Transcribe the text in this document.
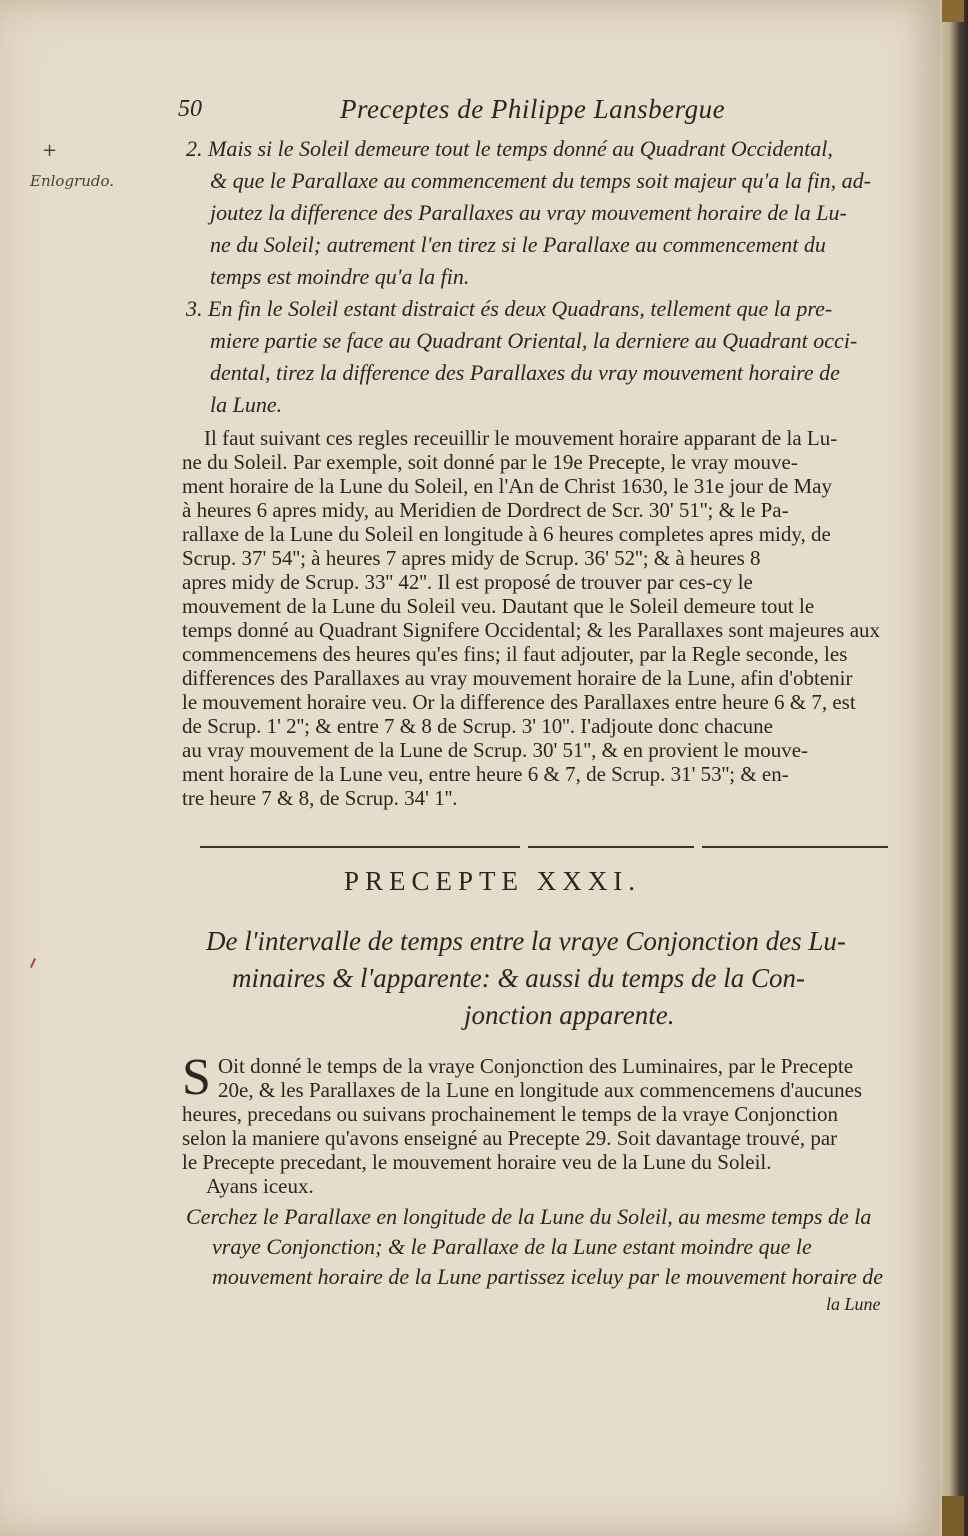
+
Enlogrudo.
50	Preceptes de Philippe Lansbergue
2. Mais si le Soleil demeure tout le temps donné au Quadrant Occidental,
& que le Parallaxe au commencement du temps soit majeur qu'a la fin, ad-
joutez la difference des Parallaxes au vray mouvement horaire de la Lu-
ne du Soleil; autrement l'en tirez si le Parallaxe au commencement du
temps est moindre qu'a la fin.
3. En fin le Soleil estant distraict és deux Quadrans, tellement que la pre-
miere partie se face au Quadrant Oriental, la derniere au Quadrant occi-
dental, tirez la difference des Parallaxes du vray mouvement horaire de
la Lune.
Il faut suivant ces regles receuillir le mouvement horaire apparant de la Lu-
ne du Soleil. Par exemple, soit donné par le 19e Precepte, le vray mouve-
ment horaire de la Lune du Soleil, en l'An de Christ 1630, le 31e jour de May
à heures 6 apres midy, au Meridien de Dordrect de Scr. 30' 51''; & le Pa-
rallaxe de la Lune du Soleil en longitude à 6 heures completes apres midy, de
Scrup. 37' 54''; à heures 7 apres midy de Scrup. 36' 52''; & à heures 8
apres midy de Scrup. 33'' 42''. Il est proposé de trouver par ces-cy le
mouvement de la Lune du Soleil veu. Dautant que le Soleil demeure tout le
temps donné au Quadrant Signifere Occidental; & les Parallaxes sont majeures aux
commencemens des heures qu'es fins; il faut adjouter, par la Regle seconde, les
differences des Parallaxes au vray mouvement horaire de la Lune, afin d'obtenir
le mouvement horaire veu. Or la difference des Parallaxes entre heure 6 & 7, est
de Scrup. 1' 2''; & entre 7 & 8 de Scrup. 3' 10''. I'adjoute donc chacune
au vray mouvement de la Lune de Scrup. 30' 51'', & en provient le mouve-
ment horaire de la Lune veu, entre heure 6 & 7, de Scrup. 31' 53''; & en-
tre heure 7 & 8, de Scrup. 34' 1''.
PRECEPTE XXXI.
De l'intervalle de temps entre la vraye Conjonction des Lu-
minaires & l'apparente: & aussi du temps de la Con-
jonction apparente.
S Oit donné le temps de la vraye Conjonction des Luminaires, par le Precepte
20e, & les Parallaxes de la Lune en longitude aux commencemens d'aucunes
heures, precedans ou suivans prochainement le temps de la vraye Conjonction
selon la maniere qu'avons enseigné au Precepte 29. Soit davantage trouvé, par
le Precepte precedant, le mouvement horaire veu de la Lune du Soleil.
Ayans iceux.
Cerchez le Parallaxe en longitude de la Lune du Soleil, au mesme temps de la
vraye Conjonction; & le Parallaxe de la Lune estant moindre que le
mouvement horaire de la Lune partissez iceluy par le mouvement horaire de
la Lune
